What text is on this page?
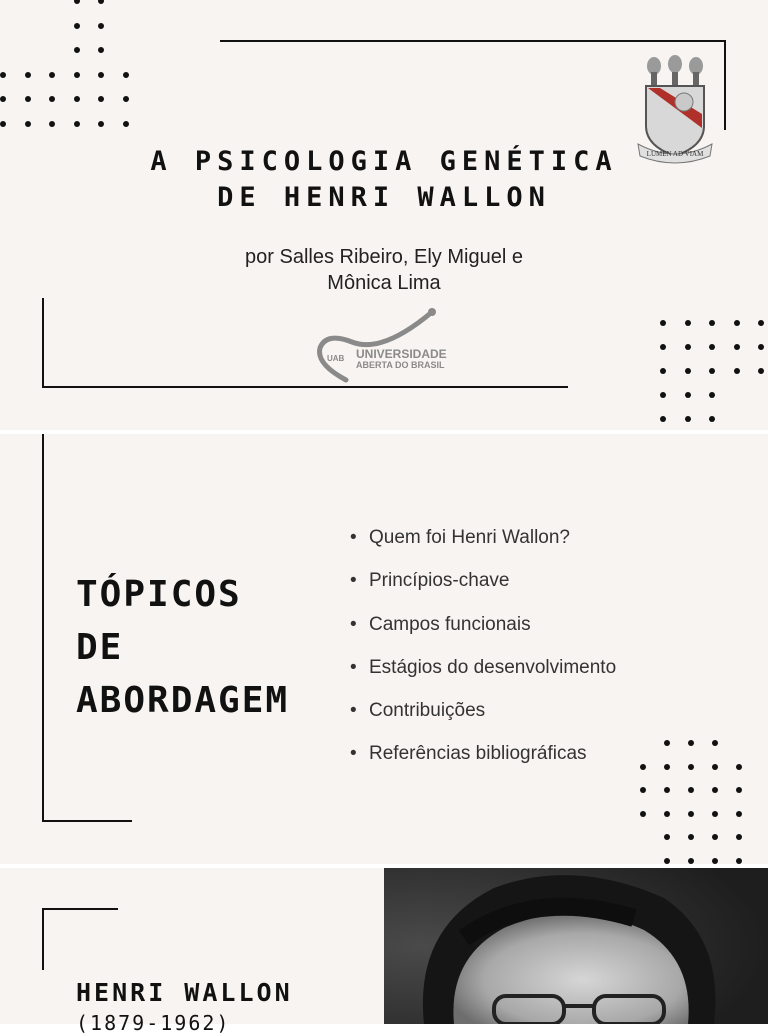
LUMEN AD VIAM
A PSICOLOGIA GENÉTICA
DE HENRI WALLON
por Salles Ribeiro, Ely Miguel e
Mônica Lima
UAB UNIVERSIDADE
ABERTA DO BRASIL
TÓPICOS
DE
ABORDAGEM
• Quem foi Henri Wallon?
• Princípios-chave
• Campos funcionais
• Estágios do desenvolvimento
• Contribuições
• Referências bibliográficas
HENRI WALLON
(1879-1962)
